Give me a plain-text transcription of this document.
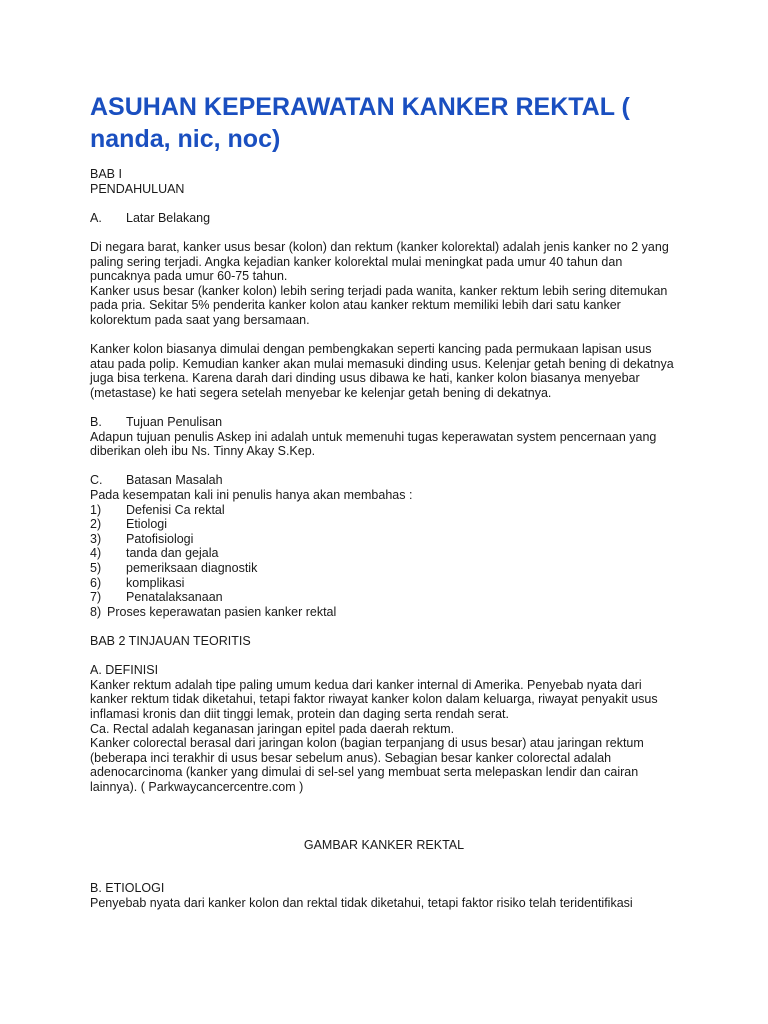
ASUHAN KEPERAWATAN KANKER REKTAL ( nanda, nic, noc)
BAB I
PENDAHULUAN
A. Latar Belakang
Di negara barat, kanker usus besar (kolon) dan rektum (kanker kolorektal) adalah jenis kanker no 2 yang
paling sering terjadi. Angka kejadian kanker kolorektal mulai meningkat pada umur 40 tahun dan
puncaknya pada umur 60-75 tahun.
Kanker usus besar (kanker kolon) lebih sering terjadi pada wanita, kanker rektum lebih sering ditemukan
pada pria. Sekitar 5% penderita kanker kolon atau kanker rektum memiliki lebih dari satu kanker
kolorektum pada saat yang bersamaan.
Kanker kolon biasanya dimulai dengan pembengkakan seperti kancing pada permukaan lapisan usus
atau pada polip. Kemudian kanker akan mulai memasuki dinding usus. Kelenjar getah bening di dekatnya
juga bisa terkena. Karena darah dari dinding usus dibawa ke hati, kanker kolon biasanya menyebar
(metastase) ke hati segera setelah menyebar ke kelenjar getah bening di dekatnya.
B. Tujuan Penulisan
Adapun tujuan penulis Askep ini adalah untuk memenuhi tugas keperawatan system pencernaan yang
diberikan oleh ibu Ns. Tinny Akay S.Kep.
C. Batasan Masalah
Pada kesempatan kali ini penulis hanya akan membahas :
1) Defenisi Ca rektal
2) Etiologi
3) Patofisiologi
4) tanda dan gejala
5) pemeriksaan diagnostik
6) komplikasi
7) Penatalaksanaan
8) Proses keperawatan pasien kanker rektal
BAB 2 TINJAUAN TEORITIS
A. DEFINISI
Kanker rektum adalah tipe paling umum kedua dari kanker internal di Amerika. Penyebab nyata dari
kanker rektum tidak diketahui, tetapi faktor riwayat kanker kolon dalam keluarga, riwayat penyakit usus
inflamasi kronis dan diit tinggi lemak, protein dan daging serta rendah serat.
Ca. Rectal adalah keganasan jaringan epitel pada daerah rektum.
Kanker colorectal berasal dari jaringan kolon (bagian terpanjang di usus besar) atau jaringan rektum
(beberapa inci terakhir di usus besar sebelum anus). Sebagian besar kanker colorectal adalah
adenocarcinoma (kanker yang dimulai di sel-sel yang membuat serta melepaskan lendir dan cairan
lainnya). ( Parkwaycancercentre.com )
GAMBAR KANKER REKTAL
B. ETIOLOGI
Penyebab nyata dari kanker kolon dan rektal tidak diketahui, tetapi faktor risiko telah teridentifikasi
